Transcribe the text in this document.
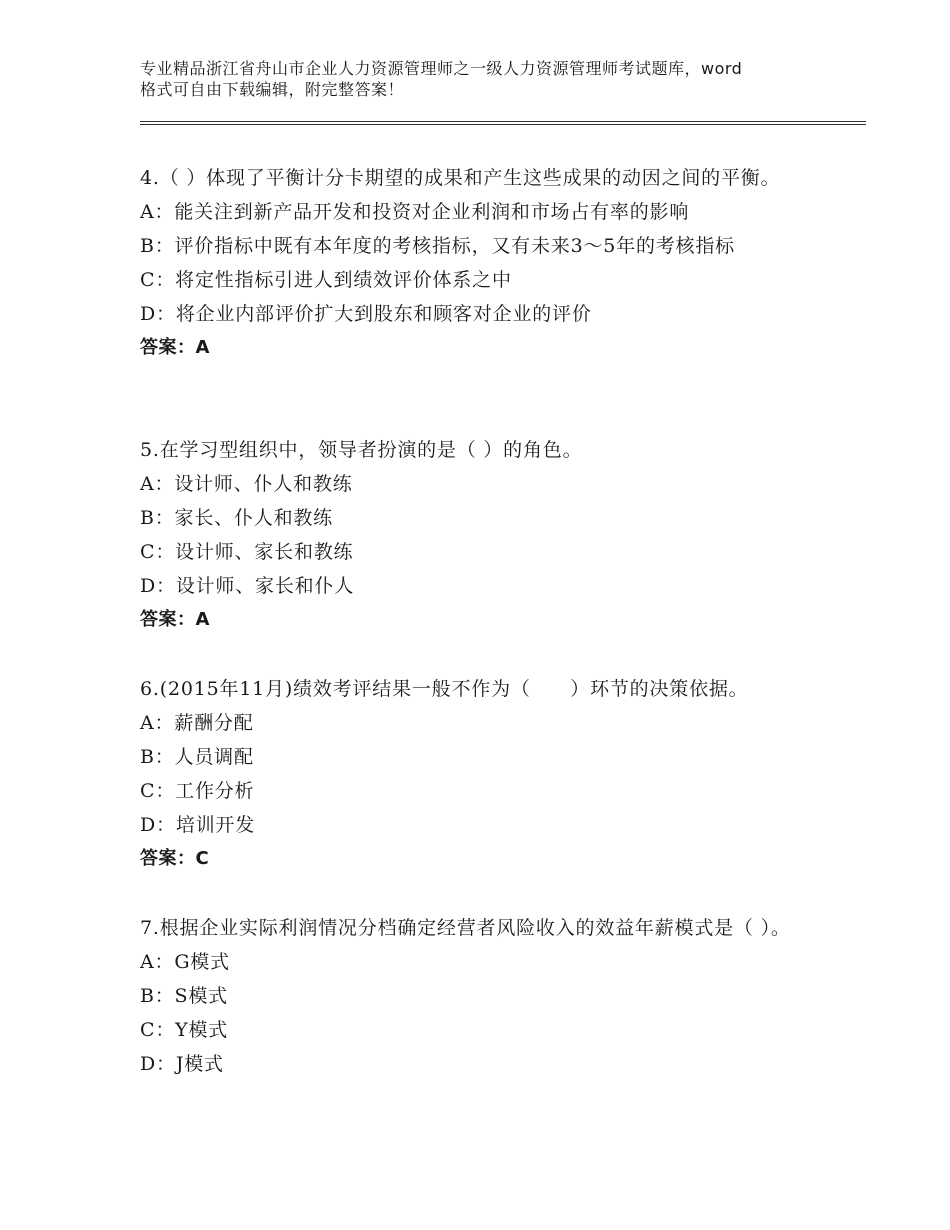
专业精品浙江省舟山市企业人力资源管理师之一级人力资源管理师考试题库，word
格式可自由下载编辑，附完整答案！
4.（ ）体现了平衡计分卡期望的成果和产生这些成果的动因之间的平衡。
A：能关注到新产品开发和投资对企业利润和市场占有率的影响
B：评价指标中既有本年度的考核指标，又有未来3～5年的考核指标
C：将定性指标引进人到绩效评价体系之中
D：将企业内部评价扩大到股东和顾客对企业的评价
答案：A
5.在学习型组织中，领导者扮演的是（ ）的角色。
A：设计师、仆人和教练
B：家长、仆人和教练
C：设计师、家长和教练
D：设计师、家长和仆人
答案：A
6.(2015年11月)绩效考评结果一般不作为（　　）环节的决策依据。
A：薪酬分配
B：人员调配
C：工作分析
D：培训开发
答案：C
7.根据企业实际利润情况分档确定经营者风险收入的效益年薪模式是（ ）。
A：G模式
B：S模式
C：Y模式
D：J模式
